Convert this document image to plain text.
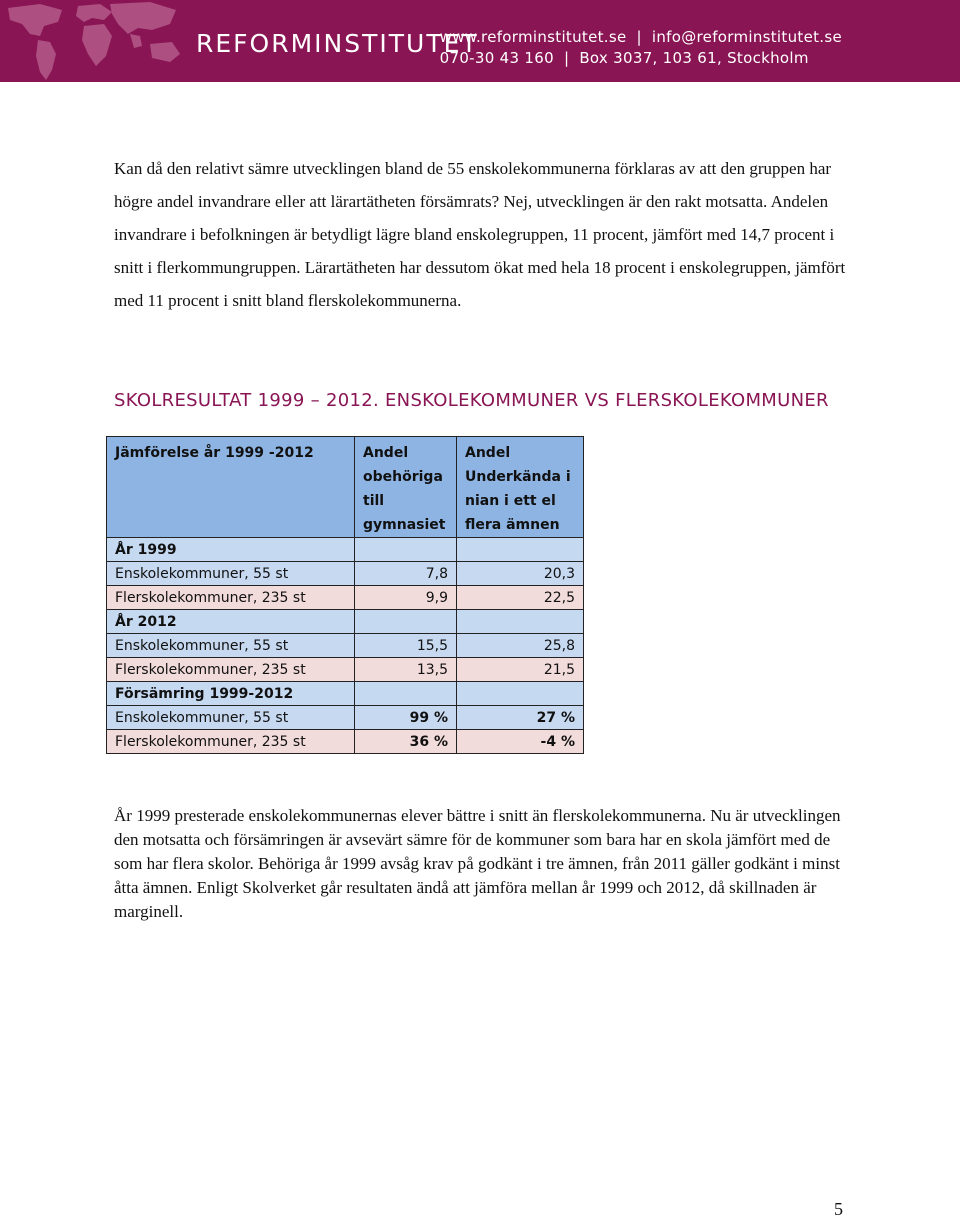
REFORMINSTITUTET
www.reforminstitutet.se | info@reforminstitutet.se
070-30 43 160 | Box 3037, 103 61, Stockholm

Kan då den relativt sämre utvecklingen bland de 55 enskolekommunerna förklaras av att den gruppen har högre andel invandrare eller att lärartätheten försämrats? Nej, utvecklingen är den rakt motsatta. Andelen invandrare i befolkningen är betydligt lägre bland enskolegruppen, 11 procent, jämfört med 14,7 procent i snitt i flerkommungruppen. Lärartätheten har dessutom ökat med hela 18 procent i enskolegruppen, jämfört med 11 procent i snitt bland flerskolekommunerna.

SKOLRESULTAT 1999 – 2012. ENSKOLEKOMMUNER VS FLERSKOLEKOMMUNER
Jämförelse år 1999 -2012	Andel obehöriga till gymnasiet	Andel Underkända i nian i ett el flera ämnen
År 1999		
Enskolekommuner, 55 st	7,8	20,3
Flerskolekommuner, 235 st	9,9	22,5
År 2012		
Enskolekommuner, 55 st	15,5	25,8
Flerskolekommuner, 235 st	13,5	21,5
Försämring 1999-2012		
Enskolekommuner, 55 st	99 %	27 %
Flerskolekommuner, 235 st	36 %	-4 %

År 1999 presterade enskolekommunernas elever bättre i snitt än flerskolekommunerna. Nu är utvecklingen den motsatta och försämringen är avsevärt sämre för de kommuner som bara har en skola jämfört med de som har flera skolor. Behöriga år 1999 avsåg krav på godkänt i tre ämnen, från 2011 gäller godkänt i minst åtta ämnen. Enligt Skolverket går resultaten ändå att jämföra mellan år 1999 och 2012, då skillnaden är marginell.

5
